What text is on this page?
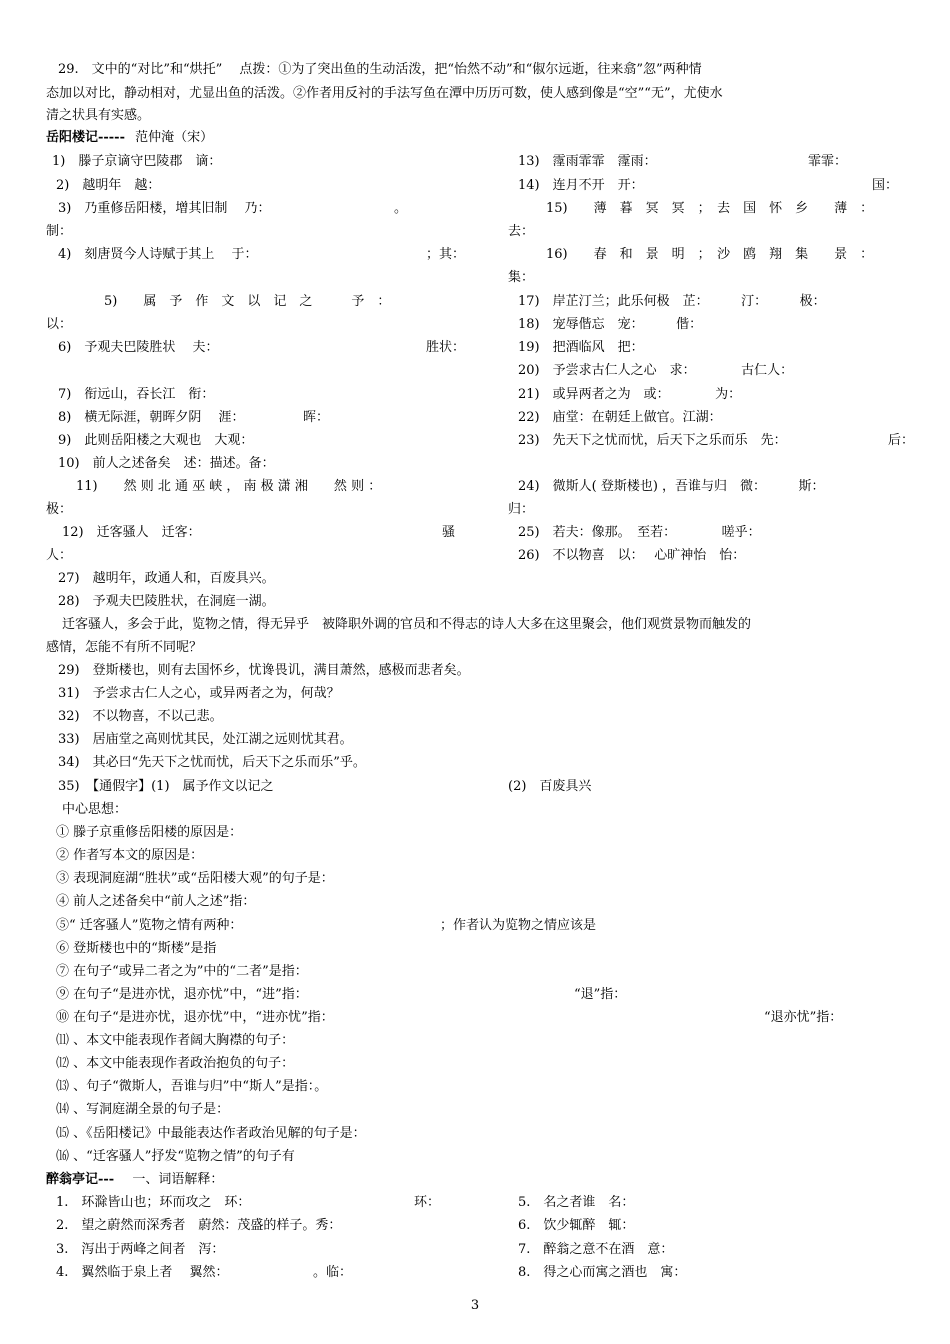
29.　文中的“对比”和“烘托”　 点拨：①为了突出鱼的生动活泼，把“怡然不动”和“俶尔远逝，往来翕”忽”两种情
态加以对比，静动相对，尤显出鱼的活泼。②作者用反衬的手法写鱼在潭中历历可数，使人感到像是“空”“无”，尤使水
清之状具有实感。
岳阳楼记----- 范仲淹（宋）
1)　滕子京谪守巴陵郡　谪：
2)　越明年　越：
3)　乃重修岳阳楼，增其旧制　 乃：　　　　　　　　　　。
制：
4)　刻唐贤今人诗赋于其上　 于：	；其：
5)　　属　予　作　文　以　记　之　　　予　：
以：
6)　予观夫巴陵胜状　 夫：	胜状：
7)　衔远山，吞长江　衔：
8)　横无际涯，朝晖夕阴　 涯：　　　　　晖：
9)　此则岳阳楼之大观也　大观：
10)　前人之述备矣　述：描述。备：
11)　　然 则 北 通 巫 峡 ， 南 极 潇 湘　　然 则 ：
极：
12)　迁客骚人　迁客：	骚
人：
13)　霪雨霏霏　霪雨：	霏霏：
14)　连月不开　开：	国：
15)　　薄　暮　冥　冥　；　去　国　怀　乡　　薄　：
去：
16)　　春　和　景　明　；　沙　鸥　翔　集　　景　：
集：
17)　岸芷汀兰；此乐何极　芷：　　　汀：　　　极：
18)　宠辱偕忘　宠：　　　偕：
19)　把酒临风　把：
20)　予尝求古仁人之心　求：　　　　古仁人：
21)　或异两者之为　或：　　　　为：
22)　庙堂：在朝廷上做官。江湖：
23)　先天下之忧而忧，后天下之乐而乐　先：	后：
24)　微斯人( 登斯楼也) ，吾谁与归　微：　　　斯：
归：
25)　若夫：像那。　至若：　　　　嗟乎：
26)　不以物喜　以：　 心旷神怡　怡：
27)　越明年，政通人和，百废具兴。
28)　予观夫巴陵胜状，在洞庭一湖。
迁客骚人，多会于此，览物之情，得无异乎　被降职外调的官员和不得志的诗人大多在这里聚会，他们观赏景物而触发的
感情，怎能不有所不同呢？
29)　登斯楼也，则有去国怀乡，忧谗畏讥，满目萧然，感极而悲者矣。
31)　予尝求古仁人之心，或异两者之为，何哉？
32)　不以物喜，不以己悲。
33)　居庙堂之高则忧其民，处江湖之远则忧其君。
34)　其必曰“先天下之忧而忧，后天下之乐而乐”乎。
35)　【通假字】(1)　属予作文以记之	(2)　百废具兴
中心思想：
① 滕子京重修岳阳楼的原因是：
② 作者写本文的原因是：
③ 表现洞庭湖“胜状”或“岳阳楼大观”的句子是：
④ 前人之述备矣中“前人之述”指：
⑤“ 迁客骚人”览物之情有两种：	；作者认为览物之情应该是
⑥ 登斯楼也中的“斯楼”是指
⑦ 在句子“或异二者之为”中的“二者”是指：
⑨ 在句子“是进亦忧，退亦忧”中，“进”指：	“退”指：
⑩ 在句子“是进亦忧，退亦忧”中，“进亦忧”指：	“退亦忧”指：
⑾ 、本文中能表现作者阔大胸襟的句子：
⑿ 、本文中能表现作者政治抱负的句子：
⒀ 、句子“微斯人，吾谁与归”中“斯人”是指：。
⒁ 、写洞庭湖全景的句子是：
⒂ 、《岳阳楼记》中最能表达作者政治见解的句子是：
⒃ 、“迁客骚人”抒发“览物之情”的句子有
醉翁亭记--- 一、词语解释：
1.　环滁皆山也；环而攻之　环：	环：
2.　望之蔚然而深秀者　蔚然：茂盛的样子。秀：
3.　泻出于两峰之间者　泻：
4.　翼然临于泉上者　 翼然：　　　　　　　。临：
5.　名之者谁　名：
6.　饮少辄醉　辄：
7.　醉翁之意不在酒　意：
8.　得之心而寓之酒也　寓：
3
